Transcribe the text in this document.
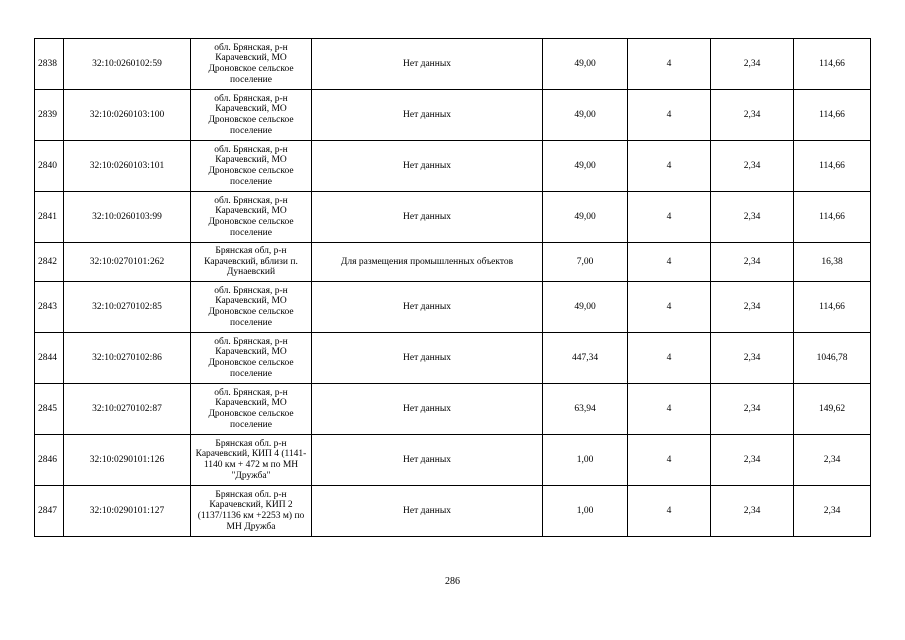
2838	32:10:0260102:59	обл. Брянская, р-н Карачевский, МО Дроновское сельское поселение	Нет данных	49,00	4	2,34	114,66
2839	32:10:0260103:100	обл. Брянская, р-н Карачевский, МО Дроновское сельское поселение	Нет данных	49,00	4	2,34	114,66
2840	32:10:0260103:101	обл. Брянская, р-н Карачевский, МО Дроновское сельское поселение	Нет данных	49,00	4	2,34	114,66
2841	32:10:0260103:99	обл. Брянская, р-н Карачевский, МО Дроновское сельское поселение	Нет данных	49,00	4	2,34	114,66
2842	32:10:0270101:262	Брянская обл, р-н Карачевский, вблизи п. Дунаевский	Для размещения промышленных объектов	7,00	4	2,34	16,38
2843	32:10:0270102:85	обл. Брянская, р-н Карачевский, МО Дроновское сельское поселение	Нет данных	49,00	4	2,34	114,66
2844	32:10:0270102:86	обл. Брянская, р-н Карачевский, МО Дроновское сельское поселение	Нет данных	447,34	4	2,34	1046,78
2845	32:10:0270102:87	обл. Брянская, р-н Карачевский, МО Дроновское сельское поселение	Нет данных	63,94	4	2,34	149,62
2846	32:10:0290101:126	Брянская обл. р-н Карачевский, КИП 4 (1141-1140 км + 472 м по МН "Дружба"	Нет данных	1,00	4	2,34	2,34
2847	32:10:0290101:127	Брянская обл. р-н Карачевский, КИП 2 (1137/1136 км +2253 м) по МН Дружба	Нет данных	1,00	4	2,34	2,34
286
